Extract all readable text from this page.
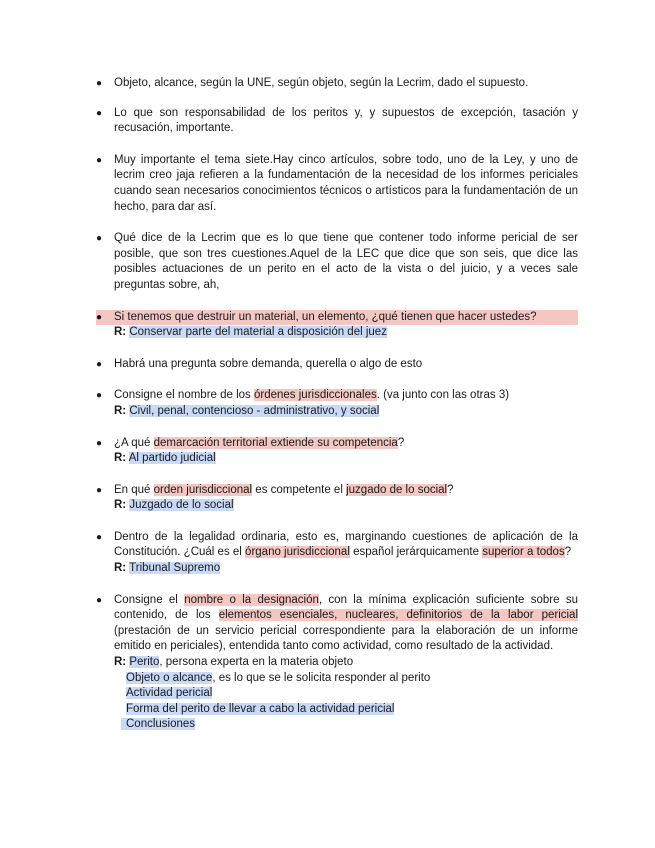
● Objeto, alcance, según la UNE, según objeto, según la Lecrim, dado el supuesto.
● Lo que son responsabilidad de los peritos y, y supuestos de excepción, tasación y recusación, importante.
● Muy importante el tema siete.Hay cinco artículos, sobre todo, uno de la Ley, y uno de lecrim creo jaja refieren a la fundamentación de la necesidad de los informes periciales cuando sean necesarios conocimientos técnicos o artísticos para la fundamentación de un hecho, para dar así.
● Qué dice de la Lecrim que es lo que tiene que contener todo informe pericial de ser posible, que son tres cuestiones.Aquel de la LEC que dice que son seis, que dice las posibles actuaciones de un perito en el acto de la vista o del juicio, y a veces sale preguntas sobre, ah,
● Si tenemos que destruir un material, un elemento, ¿qué tienen que hacer ustedes?
R: Conservar parte del material a disposición del juez
● Habrá una pregunta sobre demanda, querella o algo de esto
● Consigne el nombre de los órdenes jurisdiccionales. (va junto con las otras 3)
R: Civil, penal, contencioso - administrativo, y social
● ¿A qué demarcación territorial extiende su competencia?
R: Al partido judicial
● En qué orden jurisdiccional es competente el juzgado de lo social?
R: Juzgado de lo social
● Dentro de la legalidad ordinaria, esto es, marginando cuestiones de aplicación de la Constitución. ¿Cuál es el órgano jurisdiccional español jerárquicamente superior a todos?
R: Tribunal Supremo
● Consigne el nombre o la designación, con la mínima explicación suficiente sobre su contenido, de los elementos esenciales, nucleares, definitorios de la labor pericial (prestación de un servicio pericial correspondiente para la elaboración de un informe emitido en periciales), entendida tanto como actividad, como resultado de la actividad.
R: Perito, persona experta en la materia objeto
Objeto o alcance, es lo que se le solicita responder al perito
Actividad pericial
Forma del perito de llevar a cabo la actividad pericial
Conclusiones
